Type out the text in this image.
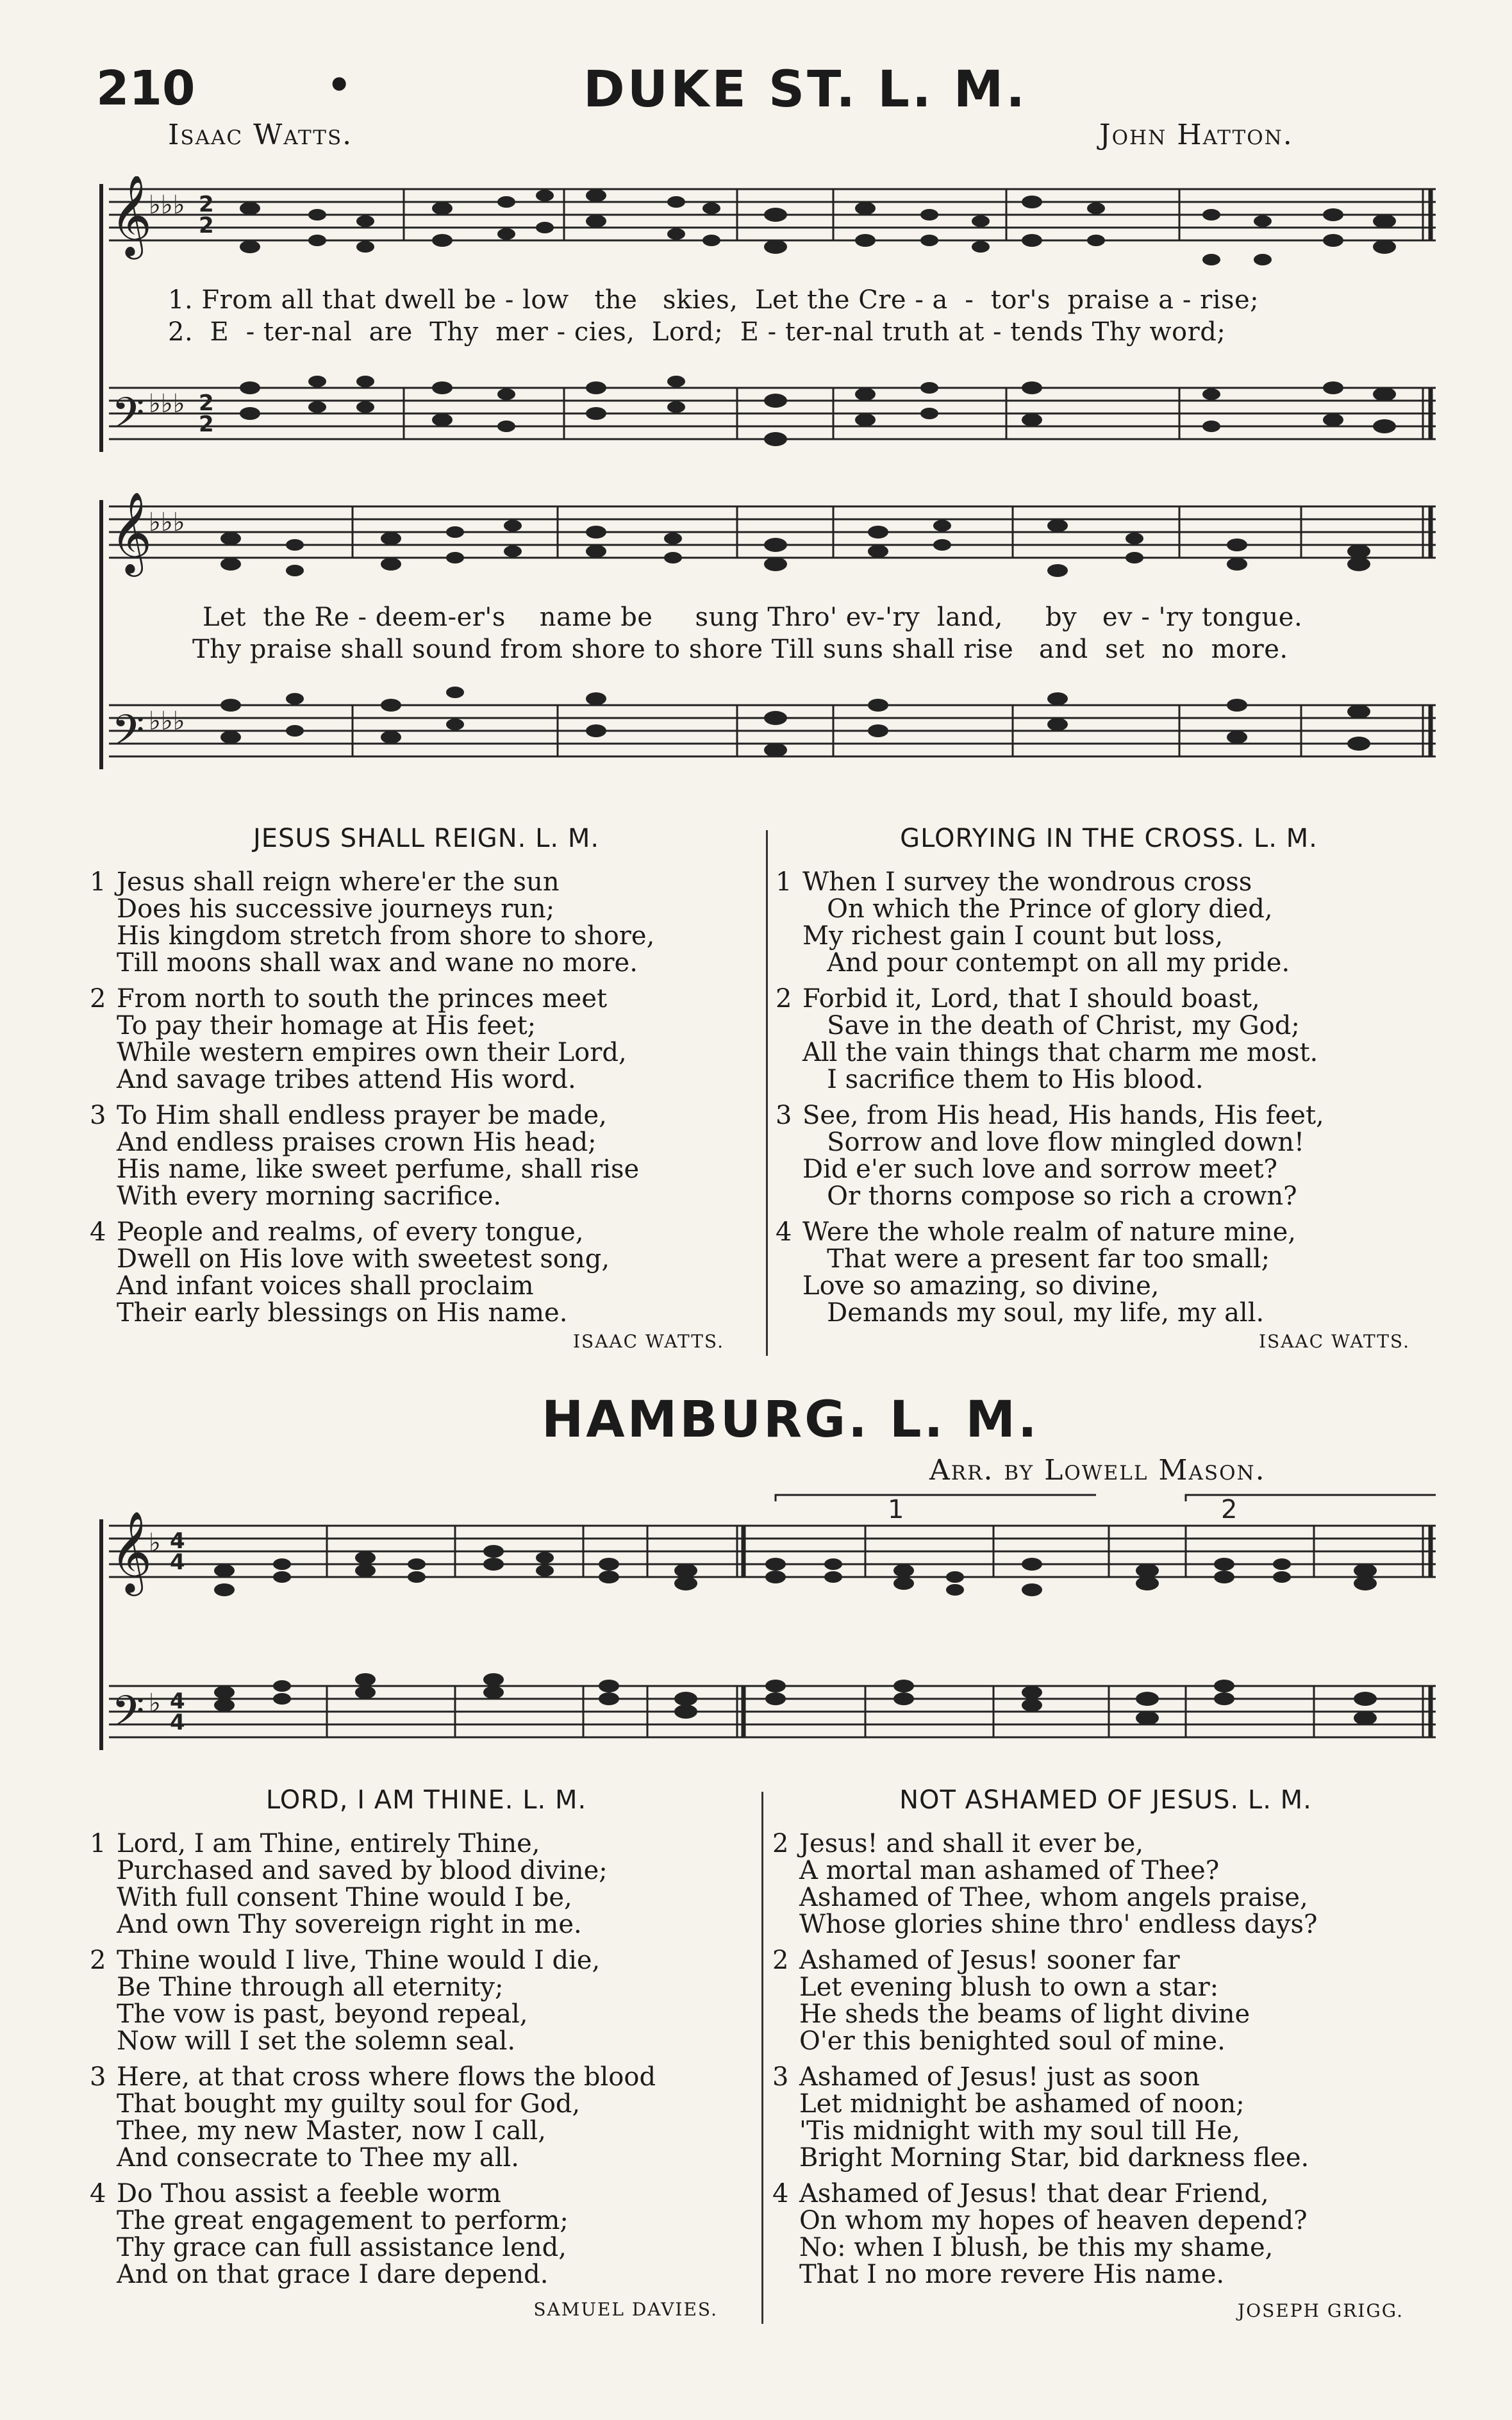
210	•	DUKE ST. L. M.
Isaac Watts.	John Hatton.
𝄞
𝄢
♭♭♭
♭♭♭
2
2
2
2
1. From all that dwell be - low   the   skies,  Let the Cre - a  -  tor's  praise a - rise;
2.  E  - ter-nal  are  Thy  mer - cies,  Lord;  E - ter-nal truth at - tends Thy word;
𝄞
𝄢
♭♭♭
♭♭♭
Let  the Re - deem-er's    name be     sung Thro' ev-'ry  land,     by   ev - 'ry tongue.
Thy praise shall sound from shore to shore Till suns shall rise   and  set  no  more.
JESUS SHALL REIGN. L. M.
1 Jesus shall reign where'er the sun
Does his successive journeys run;
His kingdom stretch from shore to shore,
Till moons shall wax and wane no more.
2 From north to south the princes meet
To pay their homage at His feet;
While western empires own their Lord,
And savage tribes attend His word.
3 To Him shall endless prayer be made,
And endless praises crown His head;
His name, like sweet perfume, shall rise
With every morning sacrifice.
4 People and realms, of every tongue,
Dwell on His love with sweetest song,
And infant voices shall proclaim
Their early blessings on His name.
ISAAC WATTS.
GLORYING IN THE CROSS. L. M.
1 When I survey the wondrous cross
On which the Prince of glory died,
My richest gain I count but loss,
And pour contempt on all my pride.
2 Forbid it, Lord, that I should boast,
Save in the death of Christ, my God;
All the vain things that charm me most.
I sacrifice them to His blood.
3 See, from His head, His hands, His feet,
Sorrow and love flow mingled down!
Did e'er such love and sorrow meet?
Or thorns compose so rich a crown?
4 Were the whole realm of nature mine,
That were a present far too small;
Love so amazing, so divine,
Demands my soul, my life, my all.
ISAAC WATTS.
HAMBURG. L. M.
Arr. by Lowell Mason.
𝄞
𝄢
♭
♭
4
4
4
4
1	2
LORD, I AM THINE. L. M.
1 Lord, I am Thine, entirely Thine,
Purchased and saved by blood divine;
With full consent Thine would I be,
And own Thy sovereign right in me.
2 Thine would I live, Thine would I die,
Be Thine through all eternity;
The vow is past, beyond repeal,
Now will I set the solemn seal.
3 Here, at that cross where flows the blood
That bought my guilty soul for God,
Thee, my new Master, now I call,
And consecrate to Thee my all.
4 Do Thou assist a feeble worm
The great engagement to perform;
Thy grace can full assistance lend,
And on that grace I dare depend.
SAMUEL DAVIES.
NOT ASHAMED OF JESUS. L. M.
2 Jesus! and shall it ever be,
A mortal man ashamed of Thee?
Ashamed of Thee, whom angels praise,
Whose glories shine thro' endless days?
2 Ashamed of Jesus! sooner far
Let evening blush to own a star:
He sheds the beams of light divine
O'er this benighted soul of mine.
3 Ashamed of Jesus! just as soon
Let midnight be ashamed of noon;
'Tis midnight with my soul till He,
Bright Morning Star, bid darkness flee.
4 Ashamed of Jesus! that dear Friend,
On whom my hopes of heaven depend?
No: when I blush, be this my shame,
That I no more revere His name.
JOSEPH GRIGG.
